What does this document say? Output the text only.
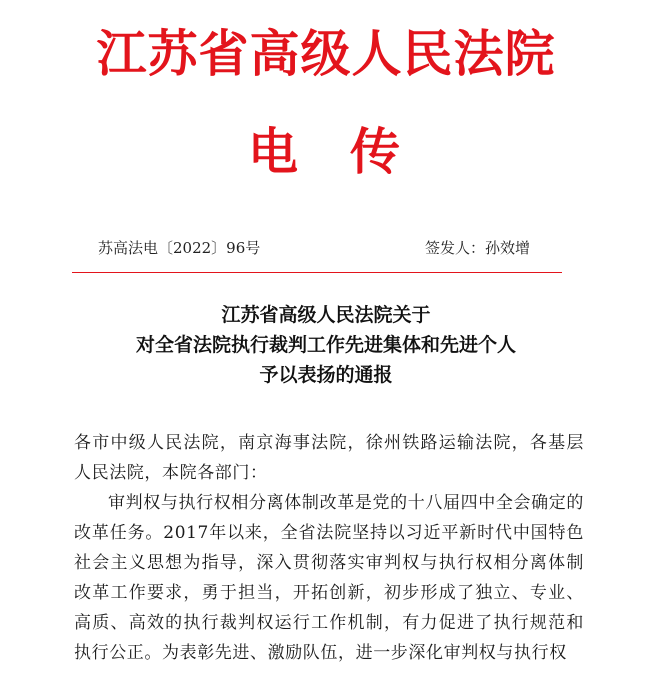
江苏省高级人民法院
电 传
苏高法电〔2022〕96号	签发人：孙效增
江苏省高级人民法院关于
对全省法院执行裁判工作先进集体和先进个人
予以表扬的通报

各市中级人民法院，南京海事法院，徐州铁路运输法院，各基层人民法院，本院各部门：

审判权与执行权相分离体制改革是党的十八届四中全会确定的改革任务。2017年以来，全省法院坚持以习近平新时代中国特色社会主义思想为指导，深入贯彻落实审判权与执行权相分离体制改革工作要求，勇于担当，开拓创新，初步形成了独立、专业、高质、高效的执行裁判权运行工作机制，有力促进了执行规范和执行公正。为表彰先进、激励队伍，进一步深化审判权与执行权
